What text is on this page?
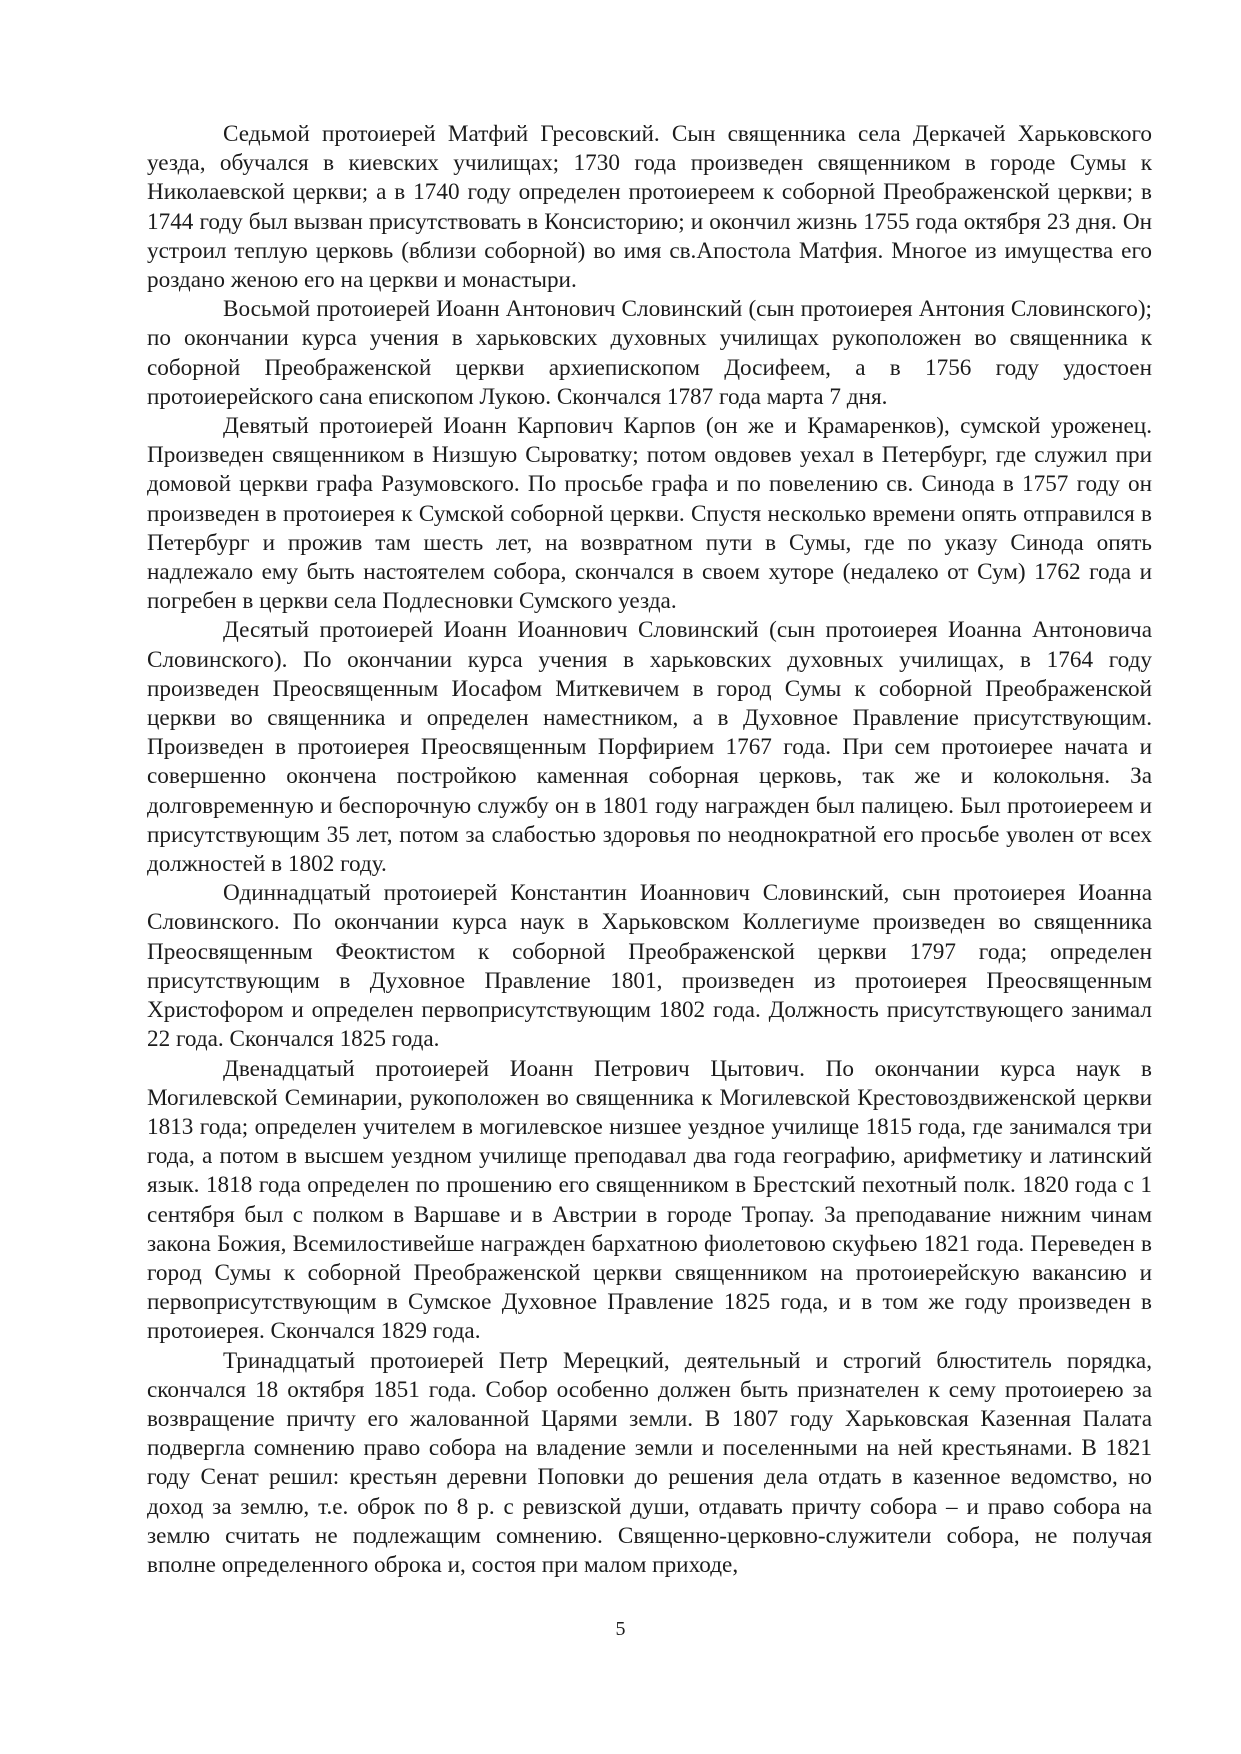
Седьмой протоиерей Матфий Гресовский. Сын священника села Деркачей Харьковского уезда, обучался в киевских училищах; 1730 года произведен священником в городе Сумы к Николаевской церкви; а в 1740 году определен протоиереем к соборной Преображенской церкви; в 1744 году был вызван присутствовать в Консисторию; и окончил жизнь 1755 года октября 23 дня. Он устроил теплую церковь (вблизи соборной) во имя св.Апостола Матфия. Многое из имущества его роздано женою его на церкви и монастыри.

Восьмой протоиерей Иоанн Антонович Словинский (сын протоиерея Антония Словинского); по окончании курса учения в харьковских духовных училищах рукоположен во священника к соборной Преображенской церкви архиепископом Досифеем, а в 1756 году удостоен протоиерейского сана епископом Лукою. Скончался 1787 года марта 7 дня.

Девятый протоиерей Иоанн Карпович Карпов (он же и Крамаренков), сумской уроженец. Произведен священником в Низшую Сыроватку; потом овдовев уехал в Петербург, где служил при домовой церкви графа Разумовского. По просьбе графа и по повелению св. Синода в 1757 году он произведен в протоиерея к Сумской соборной церкви. Спустя несколько времени опять отправился в Петербург и прожив там шесть лет, на возвратном пути в Сумы, где по указу Синода опять надлежало ему быть настоятелем собора, скончался в своем хуторе (недалеко от Сум) 1762 года и погребен в церкви села Подлесновки Сумского уезда.

Десятый протоиерей Иоанн Иоаннович Словинский (сын протоиерея Иоанна Антоновича Словинского). По окончании курса учения в харьковских духовных училищах, в 1764 году произведен Преосвященным Иосафом Миткевичем в город Сумы к соборной Преображенской церкви во священника и определен наместником, а в Духовное Правление присутствующим. Произведен в протоиерея Преосвященным Порфирием 1767 года. При сем протоиерее начата и совершенно окончена постройкою каменная соборная церковь, так же и колокольня. За долговременную и беспорочную службу он в 1801 году награжден был палицею. Был протоиереем и присутствующим 35 лет, потом за слабостью здоровья по неоднократной его просьбе уволен от всех должностей в 1802 году.

Одиннадцатый протоиерей Константин Иоаннович Словинский, сын протоиерея Иоанна Словинского. По окончании курса наук в Харьковском Коллегиуме произведен во священника Преосвященным Феоктистом к соборной Преображенской церкви 1797 года; определен присутствующим в Духовное Правление 1801, произведен из протоиерея Преосвященным Христофором и определен первоприсутствующим 1802 года. Должность присутствующего занимал 22 года. Скончался 1825 года.

Двенадцатый протоиерей Иоанн Петрович Цытович. По окончании курса наук в Могилевской Семинарии, рукоположен во священника к Могилевской Крестовоздвиженской церкви 1813 года; определен учителем в могилевское низшее уездное училище 1815 года, где занимался три года, а потом в высшем уездном училище преподавал два года географию, арифметику и латинский язык. 1818 года определен по прошению его священником в Брестский пехотный полк. 1820 года с 1 сентября был с полком в Варшаве и в Австрии в городе Тропау. За преподавание нижним чинам закона Божия, Всемилостивейше награжден бархатною фиолетовою скуфьею 1821 года. Переведен в город Сумы к соборной Преображенской церкви священником на протоиерейскую вакансию и первоприсутствующим в Сумское Духовное Правление 1825 года, и в том же году произведен в протоиерея. Скончался 1829 года.

Тринадцатый протоиерей Петр Мерецкий, деятельный и строгий блюститель порядка, скончался 18 октября 1851 года. Собор особенно должен быть признателен к сему протоиерею за возвращение причту его жалованной Царями земли. В 1807 году Харьковская Казенная Палата подвергла сомнению право собора на владение земли и поселенными на ней крестьянами. В 1821 году Сенат решил: крестьян деревни Поповки до решения дела отдать в казенное ведомство, но доход за землю, т.е. оброк по 8 р. с ревизской души, отдавать причту собора – и право собора на землю считать не подлежащим сомнению. Священно-церковно-служители собора, не получая вполне определенного оброка и, состоя при малом приходе,

5
